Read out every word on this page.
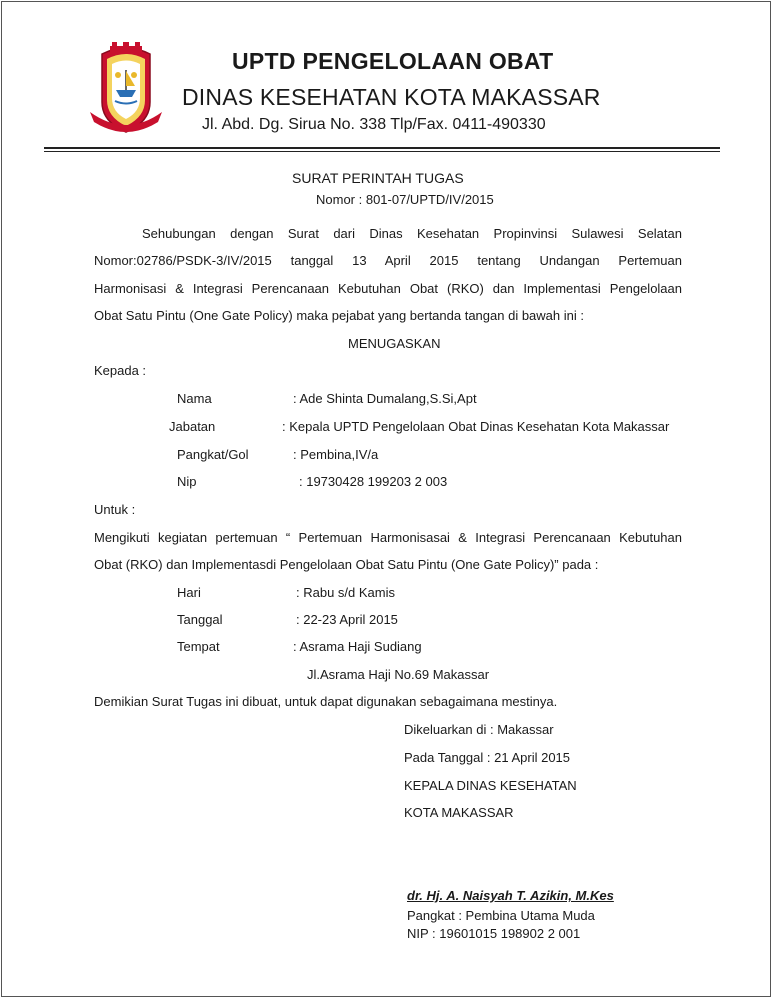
UPTD PENGELOLAAN OBAT
DINAS KESEHATAN KOTA MAKASSAR
Jl. Abd. Dg. Sirua No. 338 Tlp/Fax. 0411-490330
SURAT PERINTAH TUGAS
Nomor : 801-07/UPTD/IV/2015
Sehubungan dengan Surat dari Dinas Kesehatan Propinvinsi Sulawesi Selatan
Nomor:02786/PSDK-3/IV/2015 tanggal 13 April 2015 tentang Undangan Pertemuan
Harmonisasi & Integrasi Perencanaan Kebutuhan Obat (RKO) dan Implementasi Pengelolaan
Obat Satu Pintu (One Gate Policy) maka pejabat yang bertanda tangan di bawah ini :
MENUGASKAN
Kepada :
Nama	: Ade Shinta Dumalang,S.Si,Apt
Jabatan	: Kepala UPTD Pengelolaan Obat Dinas Kesehatan Kota Makassar
Pangkat/Gol	: Pembina,IV/a
Nip	: 19730428 199203 2 003
Untuk :
Mengikuti kegiatan pertemuan “ Pertemuan Harmonisasai & Integrasi Perencanaan Kebutuhan
Obat (RKO) dan Implementasdi Pengelolaan Obat Satu Pintu (One Gate Policy)” pada :
Hari	: Rabu s/d Kamis
Tanggal	: 22-23 April 2015
Tempat	: Asrama Haji Sudiang
Jl.Asrama Haji No.69 Makassar
Demikian Surat Tugas ini dibuat, untuk dapat digunakan sebagaimana mestinya.
Dikeluarkan di : Makassar
Pada Tanggal : 21 April 2015
KEPALA DINAS KESEHATAN
KOTA MAKASSAR
dr. Hj. A. Naisyah T. Azikin, M.Kes
Pangkat : Pembina Utama Muda
NIP : 19601015 198902 2 001
